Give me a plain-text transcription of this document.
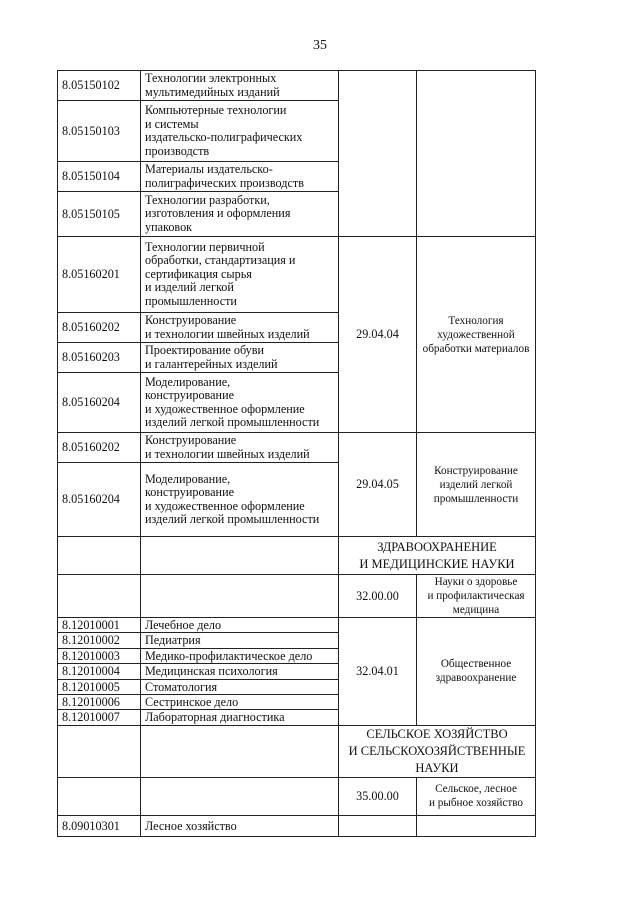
35
8.05150102	Технологии электронных
мультимедийных изданий		
8.05150103	Компьютерные технологии
и системы
издательско-полиграфических
производств		
8.05150104	Материалы издательско-
полиграфических производств		
8.05150105	Технологии разработки,
изготовления и оформления
упаковок		
8.05160201	Технологии первичной
обработки, стандартизация и
сертификация сырья
и изделий легкой
промышленности	29.04.04	Технология художественной
обработки материалов
8.05160202	Конструирование
и технологии швейных изделий		
8.05160203	Проектирование обуви
и галантерейных изделий		
8.05160204	Моделирование,
конструирование
и художественное оформление
изделий легкой промышленности		
8.05160202	Конструирование
и технологии швейных изделий	29.04.05	Конструирование изделий легкой
промышленности
8.05160204	Моделирование,
конструирование
и художественное оформление
изделий легкой промышленности		
		ЗДРАВООХРАНЕНИЕ
И МЕДИЦИНСКИЕ НАУКИ	
		32.00.00	Науки о здоровье
и профилактическая медицина
8.12010001	Лечебное дело	32.04.01	Общественное здравоохранение
8.12010002	Педиатрия		
8.12010003	Медико-профилактическое дело		
8.12010004	Медицинская психология		
8.12010005	Стоматология		
8.12010006	Сестринское дело		
8.12010007	Лабораторная диагностика		
		СЕЛЬСКОЕ ХОЗЯЙСТВО
И СЕЛЬСКОХОЗЯЙСТВЕННЫЕ НАУКИ	
		35.00.00	Сельское, лесное
и рыбное хозяйство
8.09010301	Лесное хозяйство		
